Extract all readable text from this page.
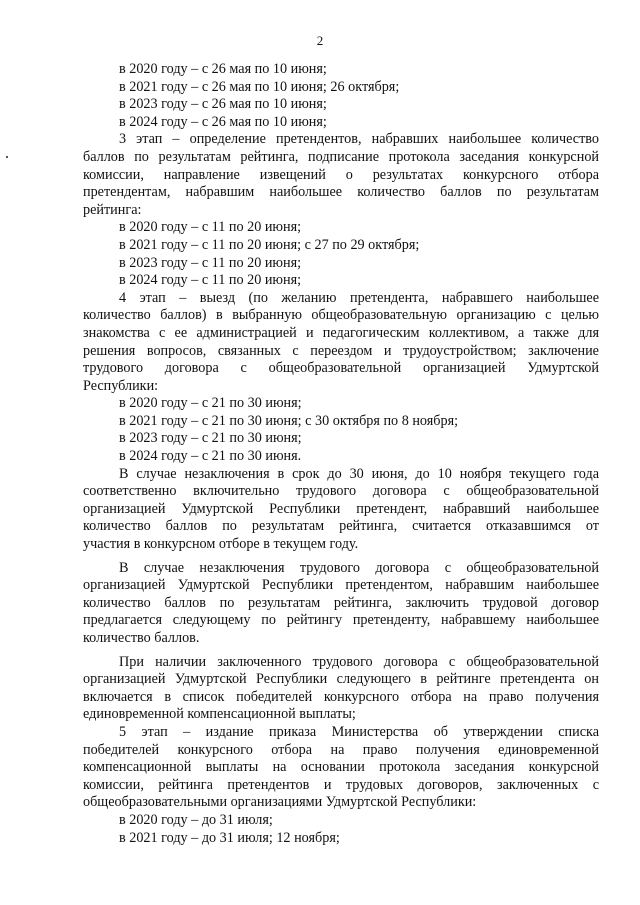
2
в 2020 году – с 26 мая по 10 июня;
в 2021 году – с 26 мая по 10 июня; 26 октября;
в 2023 году – с 26 мая по 10 июня;
в 2024 году – с 26 мая по 10 июня;
3 этап – определение претендентов, набравших наибольшее количество
баллов по результатам рейтинга, подписание протокола заседания конкурсной
комиссии, направление извещений о результатах конкурсного отбора
претендентам, набравшим наибольшее количество баллов по результатам
рейтинга:
в 2020 году – с 11 по 20 июня;
в 2021 году – с 11 по 20 июня; с 27 по 29 октября;
в 2023 году – с 11 по 20 июня;
в 2024 году – с 11 по 20 июня;
4 этап – выезд (по желанию претендента, набравшего наибольшее
количество баллов) в выбранную общеобразовательную организацию с целью
знакомства с ее администрацией и педагогическим коллективом, а также для
решения вопросов, связанных с переездом и трудоустройством; заключение
трудового договора с общеобразовательной организацией Удмуртской
Республики:
в 2020 году – с 21 по 30 июня;
в 2021 году – с 21 по 30 июня; с 30 октября по 8 ноября;
в 2023 году – с 21 по 30 июня;
в 2024 году – с 21 по 30 июня.
В случае незаключения в срок до 30 июня, до 10 ноября текущего года
соответственно включительно трудового договора с общеобразовательной
организацией Удмуртской Республики претендент, набравший наибольшее
количество баллов по результатам рейтинга, считается отказавшимся от
участия в конкурсном отборе в текущем году.
В случае незаключения трудового договора с общеобразовательной
организацией Удмуртской Республики претендентом, набравшим наибольшее
количество баллов по результатам рейтинга, заключить трудовой договор
предлагается следующему по рейтингу претенденту, набравшему наибольшее
количество баллов.
При наличии заключенного трудового договора с общеобразовательной
организацией Удмуртской Республики следующего в рейтинге претендента он
включается в список победителей конкурсного отбора на право получения
единовременной компенсационной выплаты;
5 этап – издание приказа Министерства об утверждении списка
победителей конкурсного отбора на право получения единовременной
компенсационной выплаты на основании протокола заседания конкурсной
комиссии, рейтинга претендентов и трудовых договоров, заключенных с
общеобразовательными организациями Удмуртской Республики:
в 2020 году – до 31 июля;
в 2021 году – до 31 июля; 12 ноября;
